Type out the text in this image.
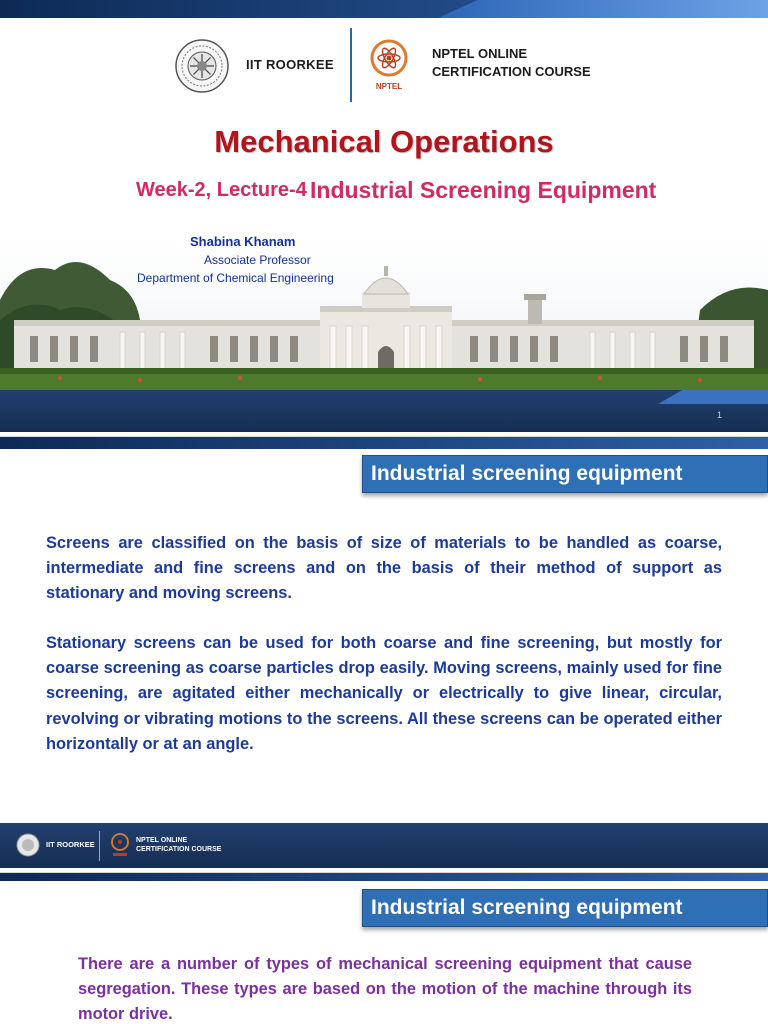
IIT ROORKEE
NPTEL
NPTEL ONLINE
CERTIFICATION COURSE
Mechanical Operations
Week-2, Lecture-4 Industrial Screening Equipment
Shabina Khanam
Associate Professor
Department of Chemical Engineering
1
Industrial screening equipment

Screens are classified on the basis of size of materials to be handled as coarse, intermediate and fine screens and on the basis of their method of support as stationary and moving screens.

Stationary screens can be used for both coarse and fine screening, but mostly for coarse screening as coarse particles drop easily. Moving screens, mainly used for fine screening, are agitated either mechanically or electrically to give linear, circular, revolving or vibrating motions to the screens. All these screens can be operated either horizontally or at an angle.

IIT ROORKEE	NPTEL ONLINE
CERTIFICATION COURSE
Industrial screening equipment

There are a number of types of mechanical screening equipment that cause segregation. These types are based on the motion of the machine through its motor drive.
